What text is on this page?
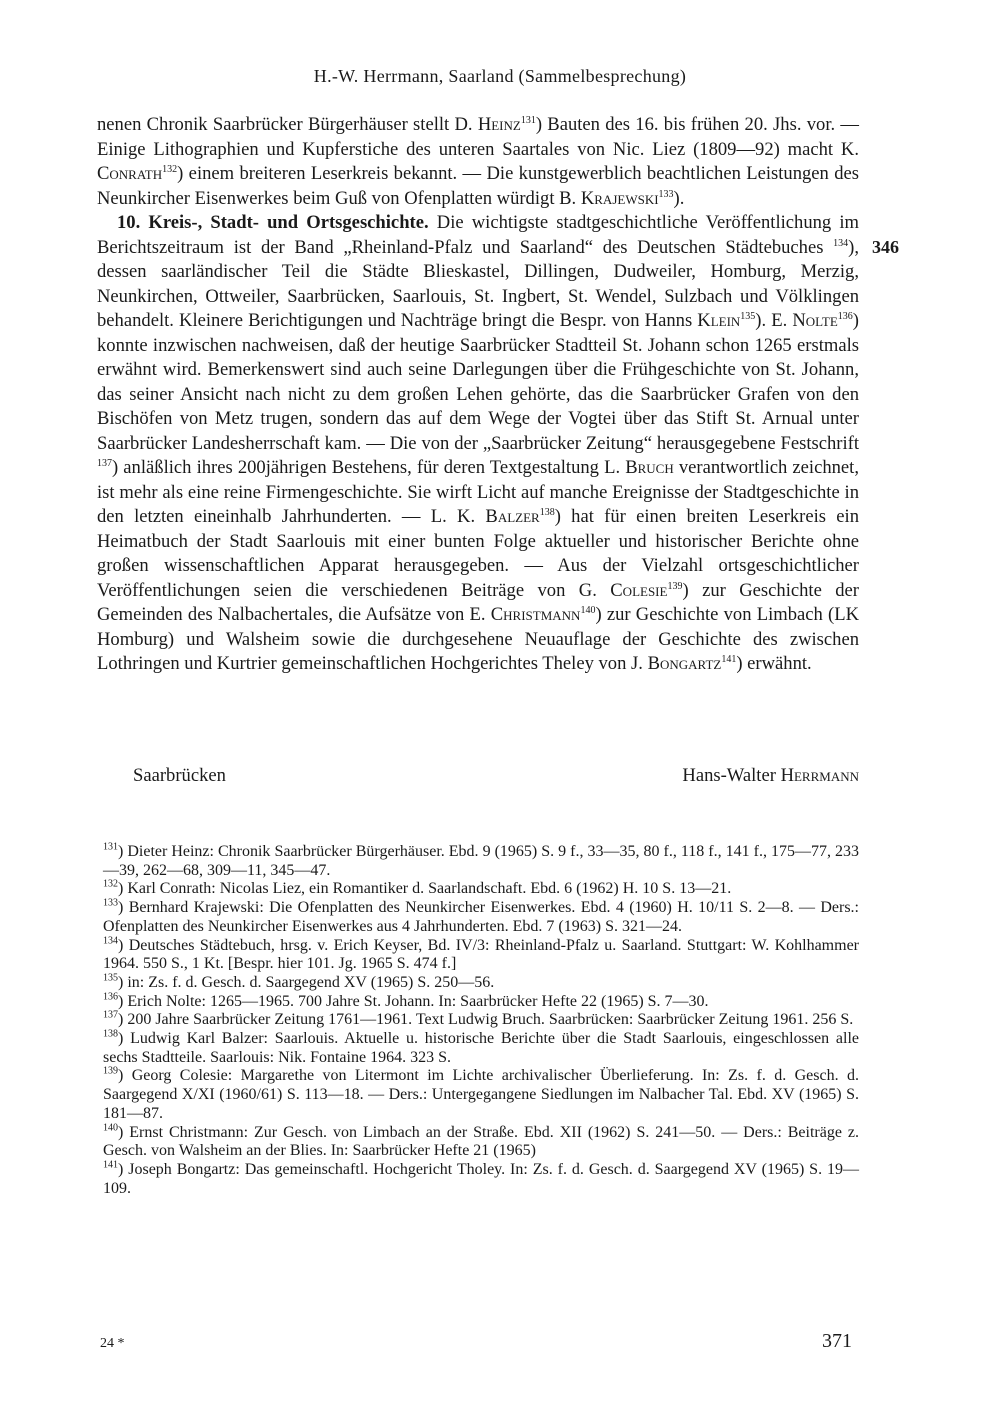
H.-W. Herrmann, Saarland (Sammelbesprechung)
346

nenen Chronik Saarbrücker Bürgerhäuser stellt D. Heinz$^{131}$) Bauten des 16. bis frühen 20. Jhs. vor. — Einige Lithographien und Kupferstiche des unteren Saartales von Nic. Liez (1809—92) macht K. Conrath$^{132}$) einem breiteren Leserkreis bekannt. — Die kunstgewerblich beachtlichen Leistungen des Neunkircher Eisenwerkes beim Guß von Ofenplatten würdigt B. Krajewski$^{133}$).

10. Kreis-, Stadt- und Ortsgeschichte. Die wichtigste stadtgeschichtliche Veröffentlichung im Berichtszeitraum ist der Band „Rheinland-Pfalz und Saarland“ des Deutschen Städtebuches $^{134}$), dessen saarländischer Teil die Städte Blieskastel, Dillingen, Dudweiler, Homburg, Merzig, Neunkirchen, Ottweiler, Saarbrücken, Saarlouis, St. Ingbert, St. Wendel, Sulzbach und Völklingen behandelt. Kleinere Berichtigungen und Nachträge bringt die Bespr. von Hanns Klein$^{135}$). E. Nolte$^{136}$) konnte inzwischen nachweisen, daß der heutige Saarbrücker Stadtteil St. Johann schon 1265 erstmals erwähnt wird. Bemerkenswert sind auch seine Darlegungen über die Frühgeschichte von St. Johann, das seiner Ansicht nach nicht zu dem großen Lehen gehörte, das die Saarbrücker Grafen von den Bischöfen von Metz trugen, sondern das auf dem Wege der Vogtei über das Stift St. Arnual unter Saarbrücker Landesherrschaft kam. — Die von der „Saarbrücker Zeitung“ herausgegebene Festschrift $^{137}$) anläßlich ihres 200jährigen Bestehens, für deren Textgestaltung L. Bruch verantwortlich zeichnet, ist mehr als eine reine Firmengeschichte. Sie wirft Licht auf manche Ereignisse der Stadtgeschichte in den letzten eineinhalb Jahrhunderten. — L. K. Balzer$^{138}$) hat für einen breiten Leserkreis ein Heimatbuch der Stadt Saarlouis mit einer bunten Folge aktueller und historischer Berichte ohne großen wissenschaftlichen Apparat herausgegeben. — Aus der Vielzahl ortsgeschichtlicher Veröffentlichungen seien die verschiedenen Beiträge von G. Colesie$^{139}$) zur Geschichte der Gemeinden des Nalbachertales, die Aufsätze von E. Christmann$^{140}$) zur Geschichte von Limbach (LK Homburg) und Walsheim sowie die durchgesehene Neuauflage der Geschichte des zwischen Lothringen und Kurtrier gemeinschaftlichen Hochgerichtes Theley von J. Bongartz$^{141}$) erwähnt.

Saarbrücken	Hans-Walter Herrmann

$^{131}$) Dieter Heinz: Chronik Saarbrücker Bürgerhäuser. Ebd. 9 (1965) S. 9 f., 33—35, 80 f., 118 f., 141 f., 175—77, 233—39, 262—68, 309—11, 345—47.

$^{132}$) Karl Conrath: Nicolas Liez, ein Romantiker d. Saarlandschaft. Ebd. 6 (1962) H. 10 S. 13—21.

$^{133}$) Bernhard Krajewski: Die Ofenplatten des Neunkircher Eisenwerkes. Ebd. 4 (1960) H. 10/11 S. 2—8. — Ders.: Ofenplatten des Neunkircher Eisenwerkes aus 4 Jahrhunderten. Ebd. 7 (1963) S. 321—24.

$^{134}$) Deutsches Städtebuch, hrsg. v. Erich Keyser, Bd. IV/3: Rheinland-Pfalz u. Saarland. Stuttgart: W. Kohlhammer 1964. 550 S., 1 Kt. [Bespr. hier 101. Jg. 1965 S. 474 f.]

$^{135}$) in: Zs. f. d. Gesch. d. Saargegend XV (1965) S. 250—56.

$^{136}$) Erich Nolte: 1265—1965. 700 Jahre St. Johann. In: Saarbrücker Hefte 22 (1965) S. 7—30.

$^{137}$) 200 Jahre Saarbrücker Zeitung 1761—1961. Text Ludwig Bruch. Saarbrücken: Saarbrücker Zeitung 1961. 256 S.

$^{138}$) Ludwig Karl Balzer: Saarlouis. Aktuelle u. historische Berichte über die Stadt Saarlouis, eingeschlossen alle sechs Stadtteile. Saarlouis: Nik. Fontaine 1964. 323 S.

$^{139}$) Georg Colesie: Margarethe von Litermont im Lichte archivalischer Überlieferung. In: Zs. f. d. Gesch. d. Saargegend X/XI (1960/61) S. 113—18. — Ders.: Untergegangene Siedlungen im Nalbacher Tal. Ebd. XV (1965) S. 181—87.

$^{140}$) Ernst Christmann: Zur Gesch. von Limbach an der Straße. Ebd. XII (1962) S. 241—50. — Ders.: Beiträge z. Gesch. von Walsheim an der Blies. In: Saarbrücker Hefte 21 (1965)

$^{141}$) Joseph Bongartz: Das gemeinschaftl. Hochgericht Tholey. In: Zs. f. d. Gesch. d. Saargegend XV (1965) S. 19—109.

24 *	371
